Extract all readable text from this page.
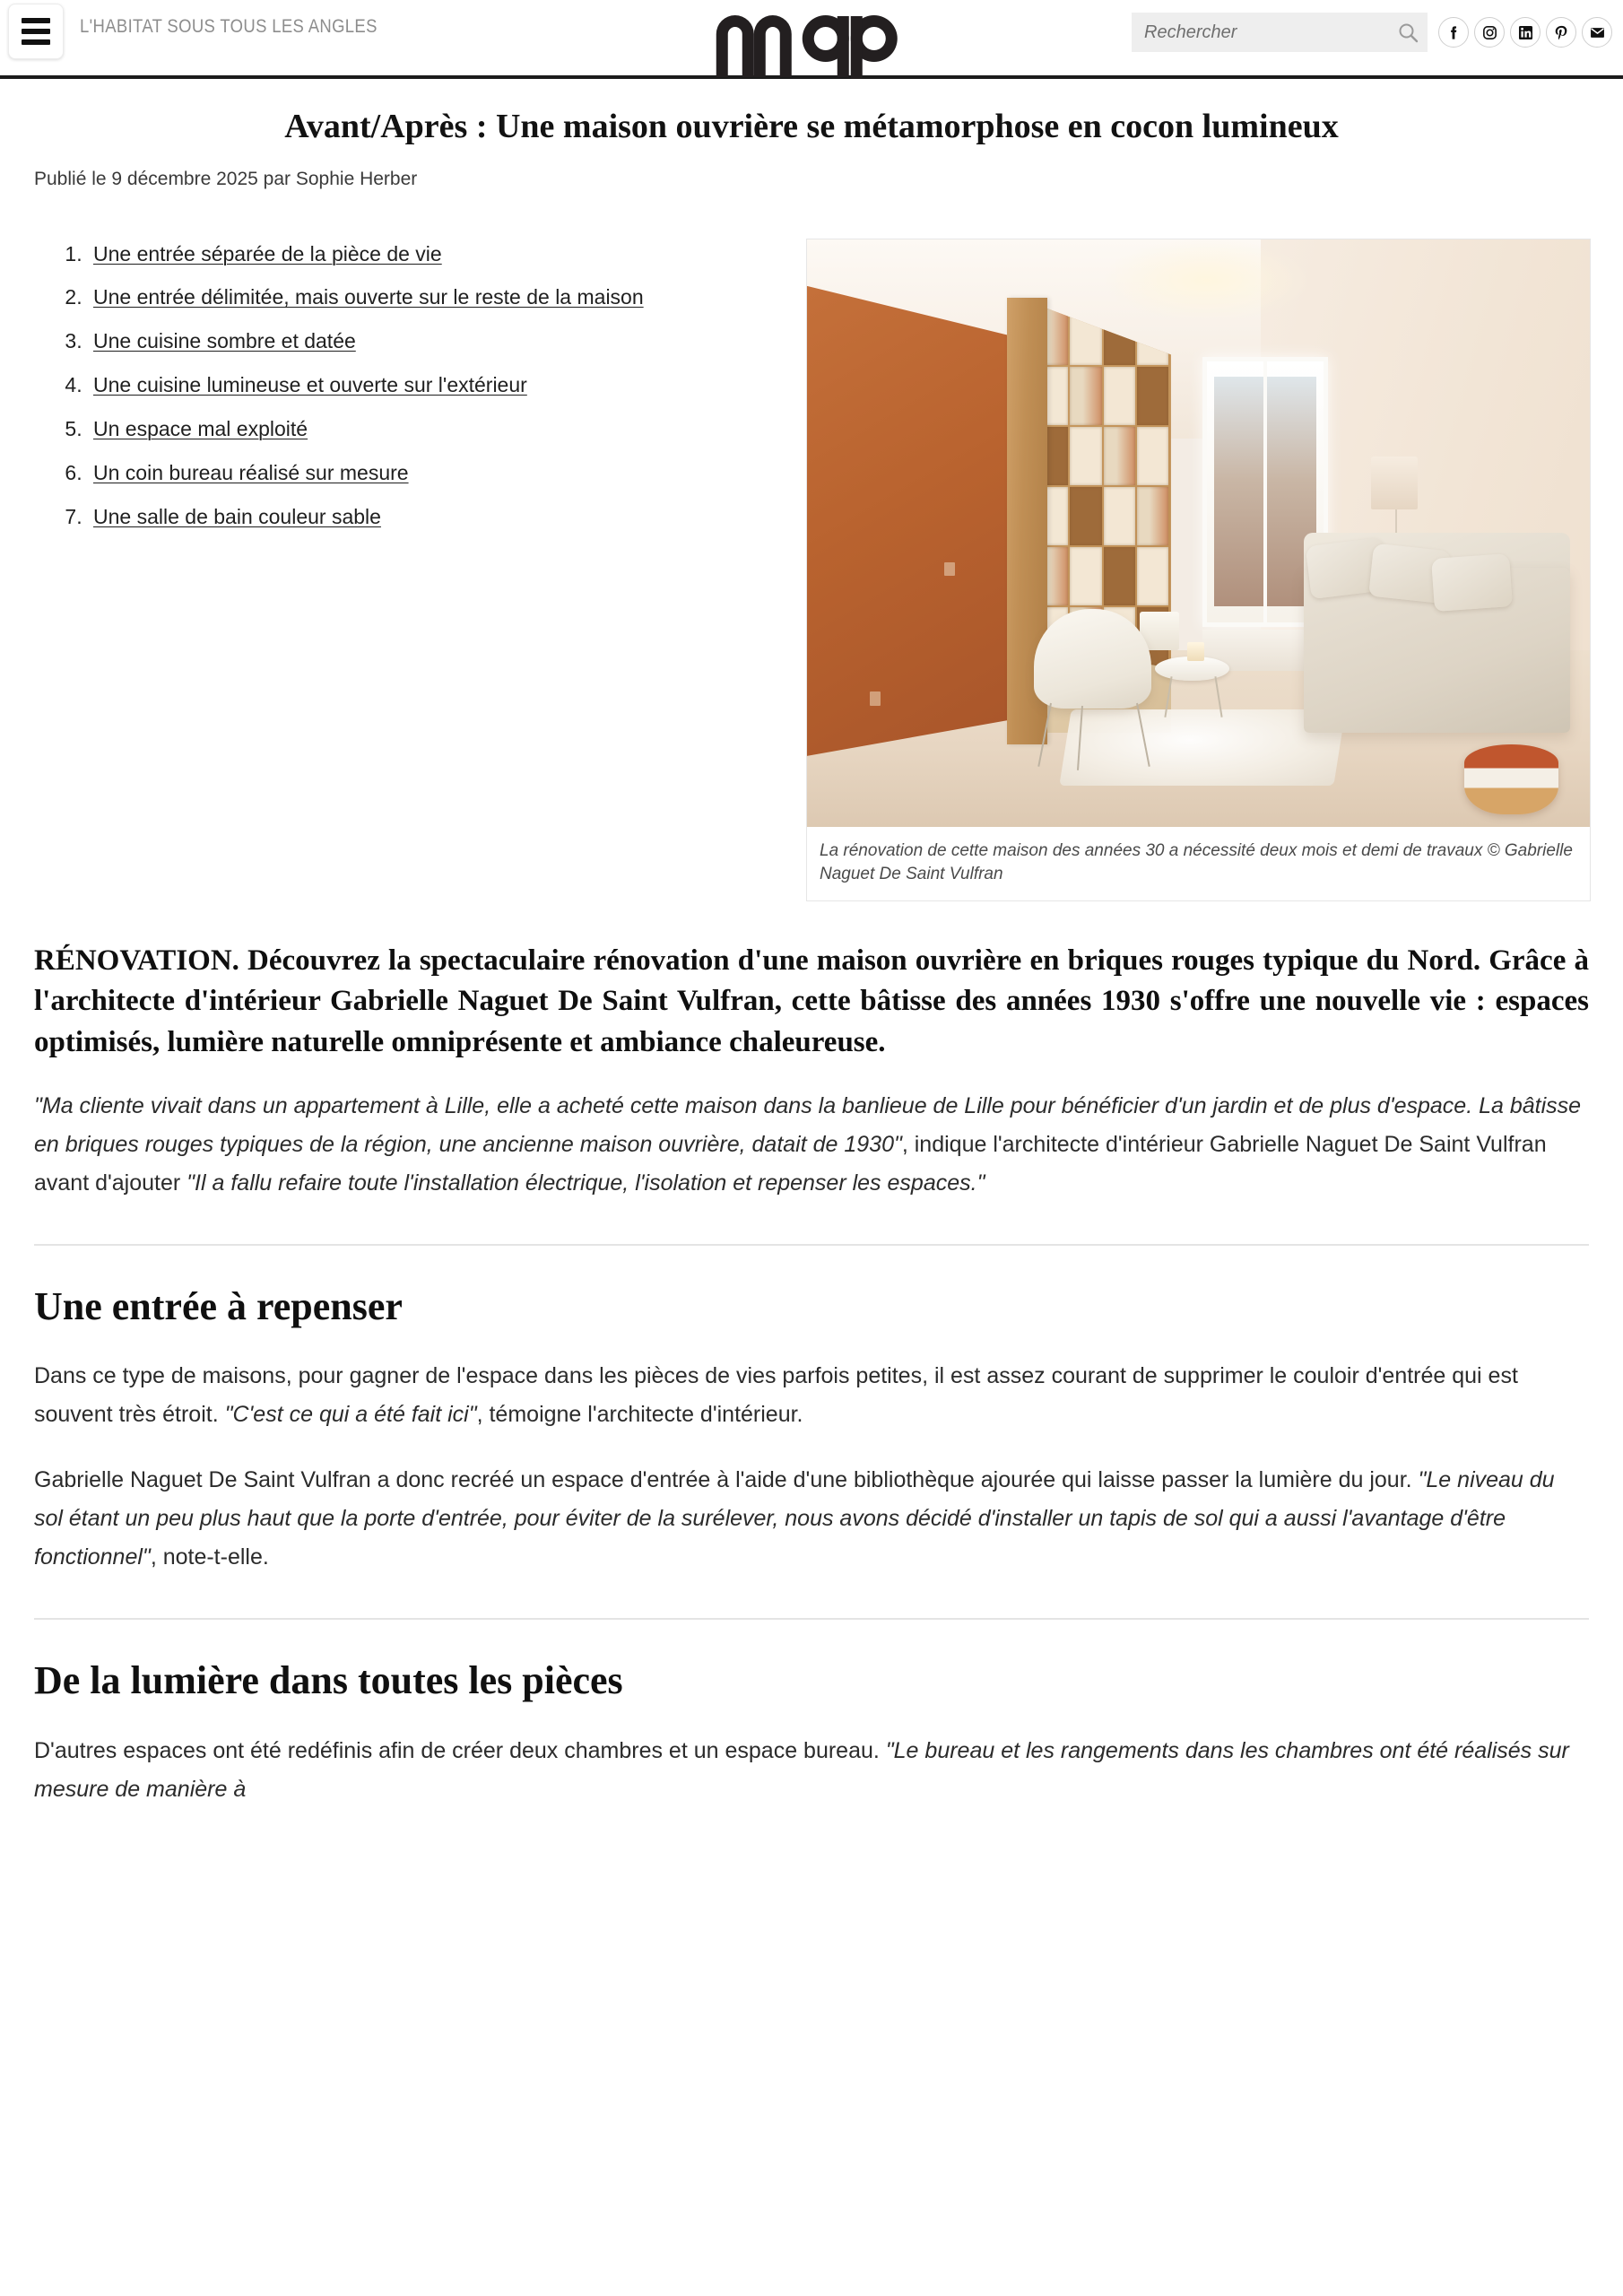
L'HABITAT SOUS TOUS LES ANGLES
Rechercher
Avant/Après : Une maison ouvrière se métamorphose en cocon lumineux
Publié le 9 décembre 2025 par Sophie Herber
1. Une entrée séparée de la pièce de vie
2. Une entrée délimitée, mais ouverte sur le reste de la maison
3. Une cuisine sombre et datée
4. Une cuisine lumineuse et ouverte sur l'extérieur
5. Un espace mal exploité
6. Un coin bureau réalisé sur mesure
7. Une salle de bain couleur sable
La rénovation de cette maison des années 30 a nécessité deux mois et demi de travaux © Gabrielle Naguet De Saint Vulfran

RÉNOVATION. Découvrez la spectaculaire rénovation d'une maison ouvrière en briques rouges typique du Nord. Grâce à l'architecte d'intérieur Gabrielle Naguet De Saint Vulfran, cette bâtisse des années 1930 s'offre une nouvelle vie : espaces optimisés, lumière naturelle omniprésente et ambiance chaleureuse.

"Ma cliente vivait dans un appartement à Lille, elle a acheté cette maison dans la banlieue de Lille pour bénéficier d'un jardin et de plus d'espace. La bâtisse en briques rouges typiques de la région, une ancienne maison ouvrière, datait de 1930", indique l'architecte d'intérieur Gabrielle Naguet De Saint Vulfran avant d'ajouter "Il a fallu refaire toute l'installation électrique, l'isolation et repenser les espaces."

Une entrée à repenser

Dans ce type de maisons, pour gagner de l'espace dans les pièces de vies parfois petites, il est assez courant de supprimer le couloir d'entrée qui est souvent très étroit. "C'est ce qui a été fait ici", témoigne l'architecte d'intérieur.

Gabrielle Naguet De Saint Vulfran a donc recréé un espace d'entrée à l'aide d'une bibliothèque ajourée qui laisse passer la lumière du jour. "Le niveau du sol étant un peu plus haut que la porte d'entrée, pour éviter de la surélever, nous avons décidé d'installer un tapis de sol qui a aussi l'avantage d'être fonctionnel", note-t-elle.

De la lumière dans toutes les pièces

D'autres espaces ont été redéfinis afin de créer deux chambres et un espace bureau. "Le bureau et les rangements dans les chambres ont été réalisés sur mesure de manière à
